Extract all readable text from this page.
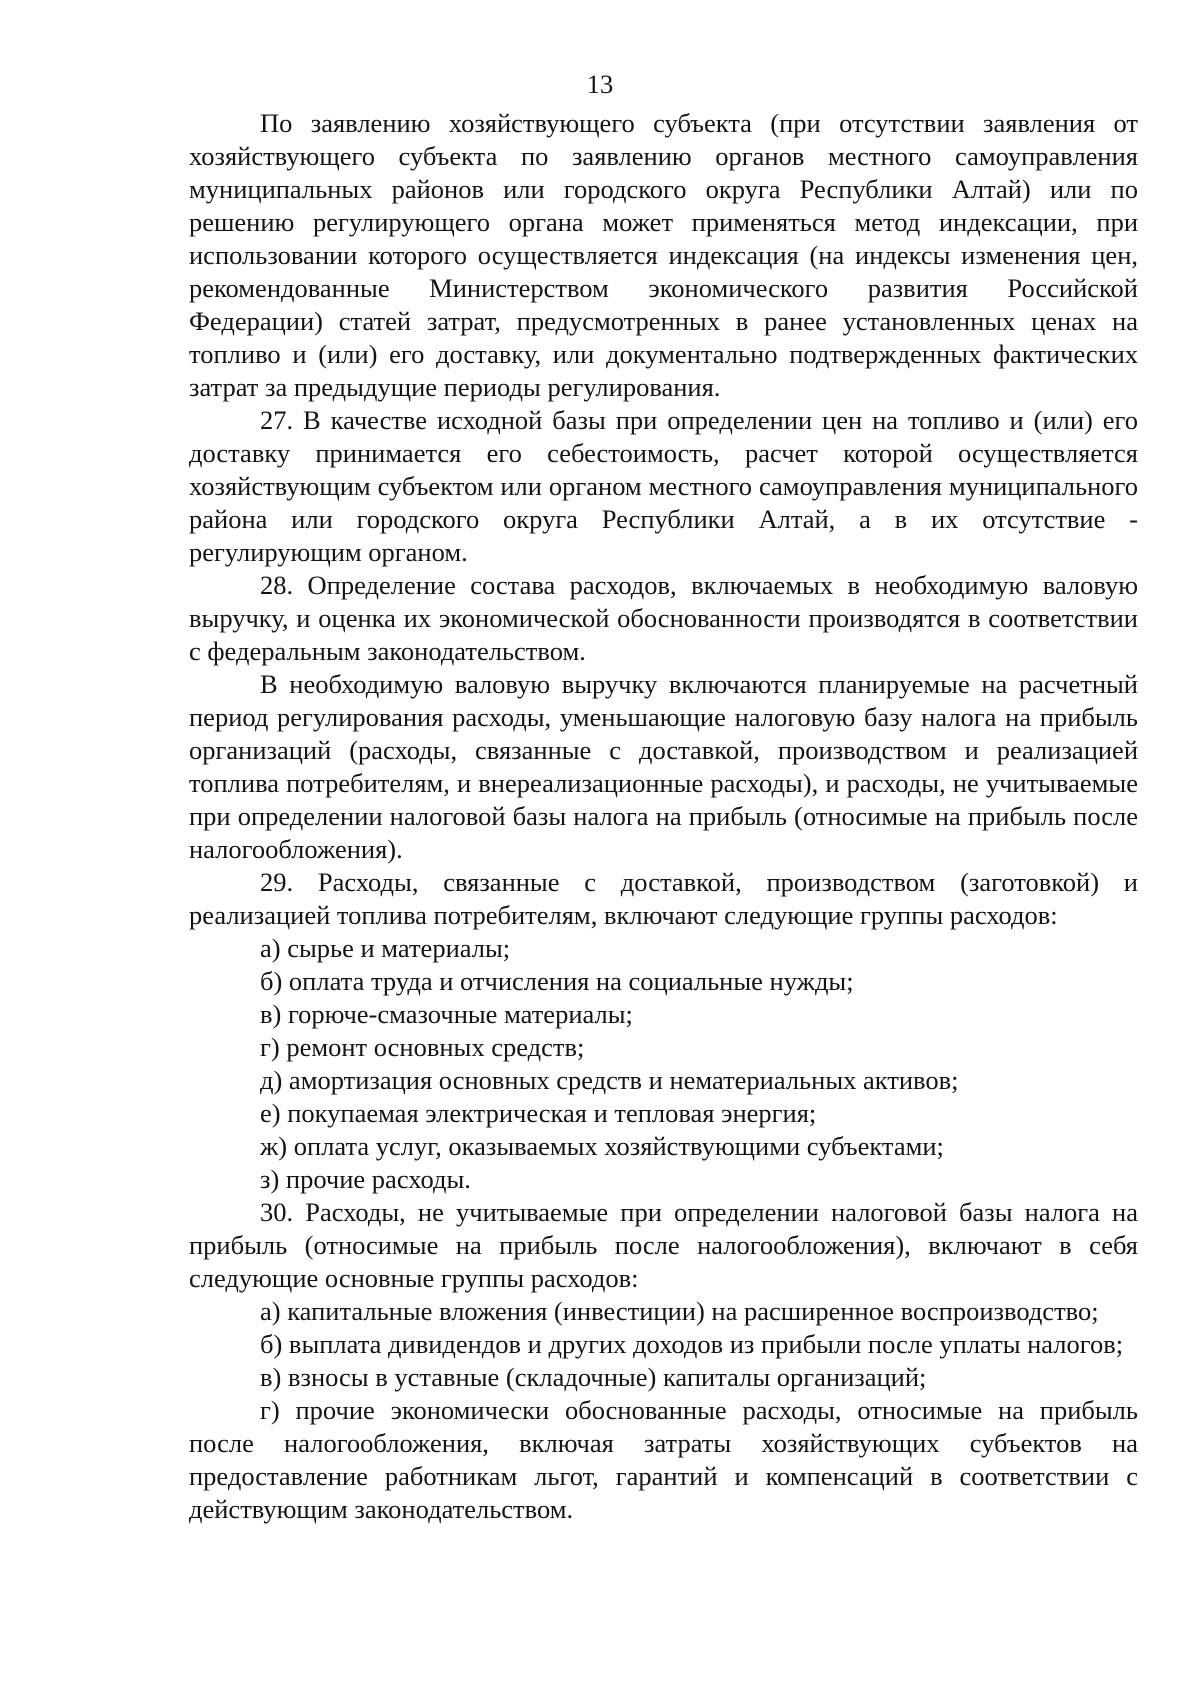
13

По заявлению хозяйствующего субъекта (при отсутствии заявления от хозяйствующего субъекта по заявлению органов местного самоуправления муниципальных районов или городского округа Республики Алтай) или по решению регулирующего органа может применяться метод индексации, при использовании которого осуществляется индексация (на индексы изменения цен, рекомендованные Министерством экономического развития Российской Федерации) статей затрат, предусмотренных в ранее установленных ценах на топливо и (или) его доставку, или документально подтвержденных фактических затрат за предыдущие периоды регулирования.

27. В качестве исходной базы при определении цен на топливо и (или) его доставку принимается его себестоимость, расчет которой осуществляется хозяйствующим субъектом или органом местного самоуправления муниципального района или городского округа Республики Алтай, а в их отсутствие - регулирующим органом.

28. Определение состава расходов, включаемых в необходимую валовую выручку, и оценка их экономической обоснованности производятся в соответствии с федеральным законодательством.

В необходимую валовую выручку включаются планируемые на расчетный период регулирования расходы, уменьшающие налоговую базу налога на прибыль организаций (расходы, связанные с доставкой, производством и реализацией топлива потребителям, и внереализационные расходы), и расходы, не учитываемые при определении налоговой базы налога на прибыль (относимые на прибыль после налогообложения).

29. Расходы, связанные с доставкой, производством (заготовкой) и реализацией топлива потребителям, включают следующие группы расходов:

а) сырье и материалы;

б) оплата труда и отчисления на социальные нужды;

в) горюче-смазочные материалы;

г) ремонт основных средств;

д) амортизация основных средств и нематериальных активов;

е) покупаемая электрическая и тепловая энергия;

ж) оплата услуг, оказываемых хозяйствующими субъектами;

з) прочие расходы.

30. Расходы, не учитываемые при определении налоговой базы налога на прибыль (относимые на прибыль после налогообложения), включают в себя следующие основные группы расходов:

а) капитальные вложения (инвестиции) на расширенное воспроизводство;

б) выплата дивидендов и других доходов из прибыли после уплаты налогов;

в) взносы в уставные (складочные) капиталы организаций;

г) прочие экономически обоснованные расходы, относимые на прибыль после налогообложения, включая затраты хозяйствующих субъектов на предоставление работникам льгот, гарантий и компенсаций в соответствии с действующим законодательством.
